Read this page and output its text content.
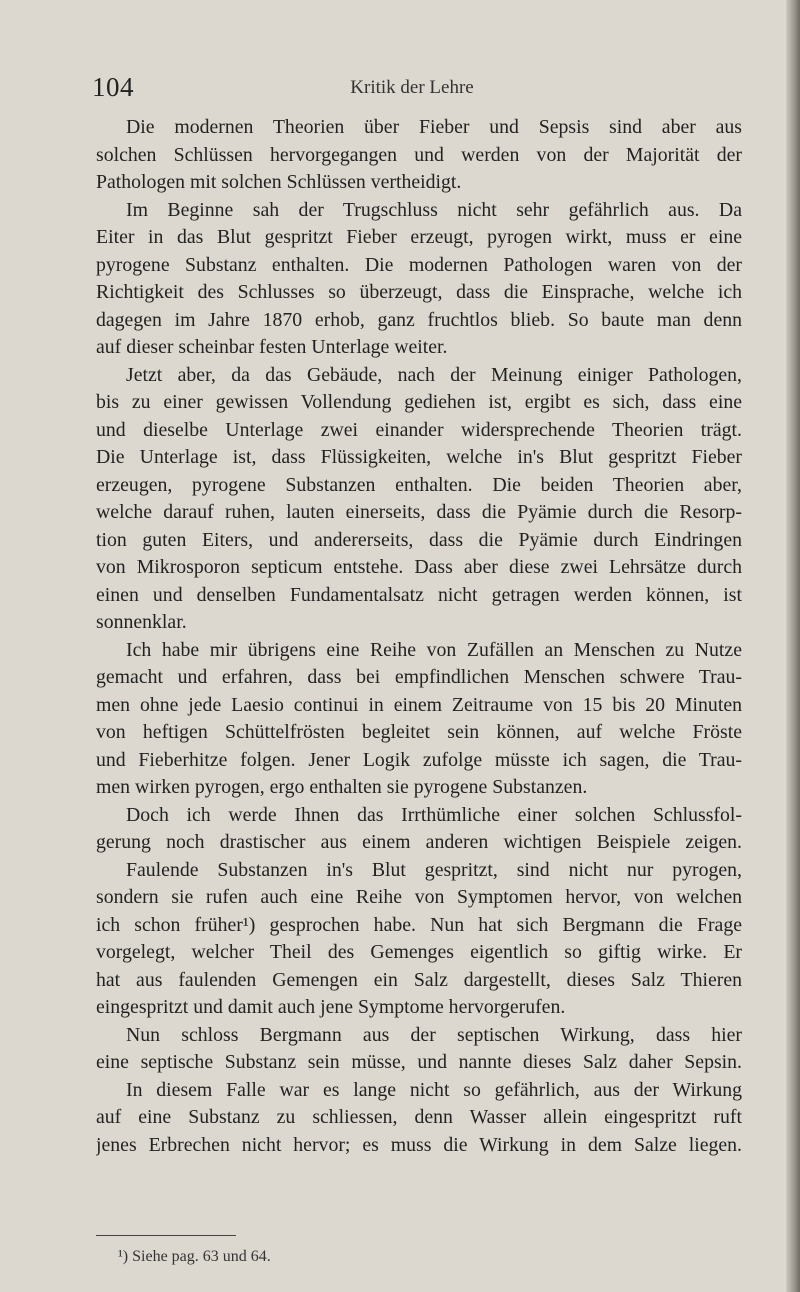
104	Kritik der Lehre
Die modernen Theorien über Fieber und Sepsis sind aber aus
solchen Schlüssen hervorgegangen und werden von der Majorität der
Pathologen mit solchen Schlüssen vertheidigt.
Im Beginne sah der Trugschluss nicht sehr gefährlich aus. Da
Eiter in das Blut gespritzt Fieber erzeugt, pyrogen wirkt, muss er eine
pyrogene Substanz enthalten. Die modernen Pathologen waren von der
Richtigkeit des Schlusses so überzeugt, dass die Einsprache, welche ich
dagegen im Jahre 1870 erhob, ganz fruchtlos blieb. So baute man denn
auf dieser scheinbar festen Unterlage weiter.
Jetzt aber, da das Gebäude, nach der Meinung einiger Pathologen,
bis zu einer gewissen Vollendung gediehen ist, ergibt es sich, dass eine
und dieselbe Unterlage zwei einander widersprechende Theorien trägt.
Die Unterlage ist, dass Flüssigkeiten, welche in's Blut gespritzt Fieber
erzeugen, pyrogene Substanzen enthalten. Die beiden Theorien aber,
welche darauf ruhen, lauten einerseits, dass die Pyämie durch die Resorp-
tion guten Eiters, und andererseits, dass die Pyämie durch Eindringen
von Mikrosporon septicum entstehe. Dass aber diese zwei Lehrsätze durch
einen und denselben Fundamentalsatz nicht getragen werden können, ist
sonnenklar.
Ich habe mir übrigens eine Reihe von Zufällen an Menschen zu Nutze
gemacht und erfahren, dass bei empfindlichen Menschen schwere Trau-
men ohne jede Laesio continui in einem Zeitraume von 15 bis 20 Minuten
von heftigen Schüttelfrösten begleitet sein können, auf welche Fröste
und Fieberhitze folgen. Jener Logik zufolge müsste ich sagen, die Trau-
men wirken pyrogen, ergo enthalten sie pyrogene Substanzen.
Doch ich werde Ihnen das Irrthümliche einer solchen Schlussfol-
gerung noch drastischer aus einem anderen wichtigen Beispiele zeigen.
Faulende Substanzen in's Blut gespritzt, sind nicht nur pyrogen,
sondern sie rufen auch eine Reihe von Symptomen hervor, von welchen
ich schon früher¹) gesprochen habe. Nun hat sich Bergmann die Frage
vorgelegt, welcher Theil des Gemenges eigentlich so giftig wirke. Er
hat aus faulenden Gemengen ein Salz dargestellt, dieses Salz Thieren
eingespritzt und damit auch jene Symptome hervorgerufen.
Nun schloss Bergmann aus der septischen Wirkung, dass hier
eine septische Substanz sein müsse, und nannte dieses Salz daher Sepsin.
In diesem Falle war es lange nicht so gefährlich, aus der Wirkung
auf eine Substanz zu schliessen, denn Wasser allein eingespritzt ruft
jenes Erbrechen nicht hervor; es muss die Wirkung in dem Salze liegen.
¹) Siehe pag. 63 und 64.
